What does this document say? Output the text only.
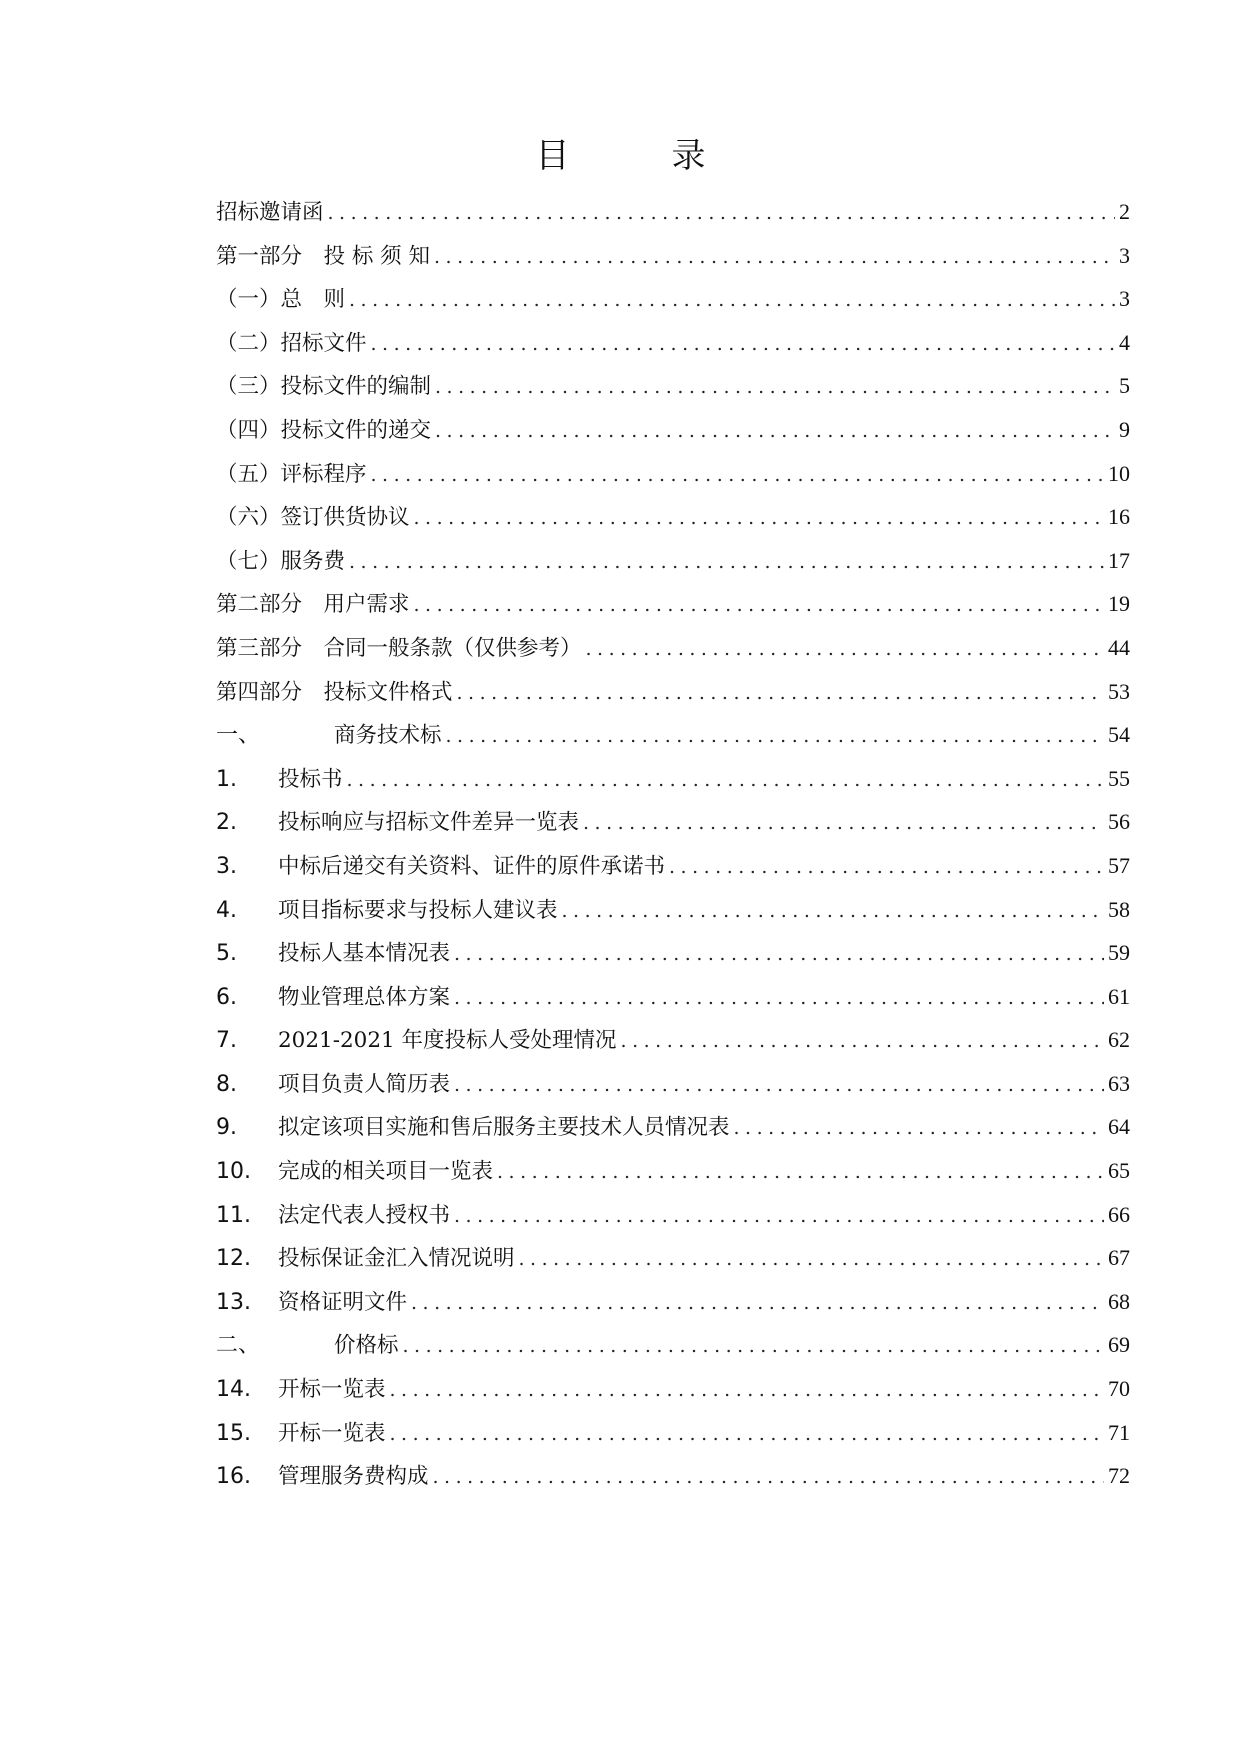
目　录
招标邀请函 .....	2
第一部分　投 标 须 知 .....	3
（一）总　则 .....	3
（二）招标文件 .....	4
（三）投标文件的编制 .....	5
（四）投标文件的递交 .....	9
（五）评标程序 .....	10
（六）签订供货协议 .....	16
（七）服务费 .....	17
第二部分　用户需求 .....	19
第三部分　合同一般条款（仅供参考） .....	44
第四部分　投标文件格式 .....	53
一、	商务技术标 .....	54
1.	投标书 .....	55
2.	投标响应与招标文件差异一览表 .....	56
3.	中标后递交有关资料、证件的原件承诺书 .....	57
4.	项目指标要求与投标人建议表 .....	58
5.	投标人基本情况表 .....	59
6.	物业管理总体方案 .....	61
7.	2021-2021 年度投标人受处理情况 .....	62
8.	项目负责人简历表 .....	63
9.	拟定该项目实施和售后服务主要技术人员情况表 .....	64
10.	完成的相关项目一览表 .....	65
11.	法定代表人授权书 .....	66
12.	投标保证金汇入情况说明 .....	67
13.	资格证明文件 .....	68
二、	价格标 .....	69
14.	开标一览表 .....	70
15.	开标一览表 .....	71
16.	管理服务费构成 .....	72
